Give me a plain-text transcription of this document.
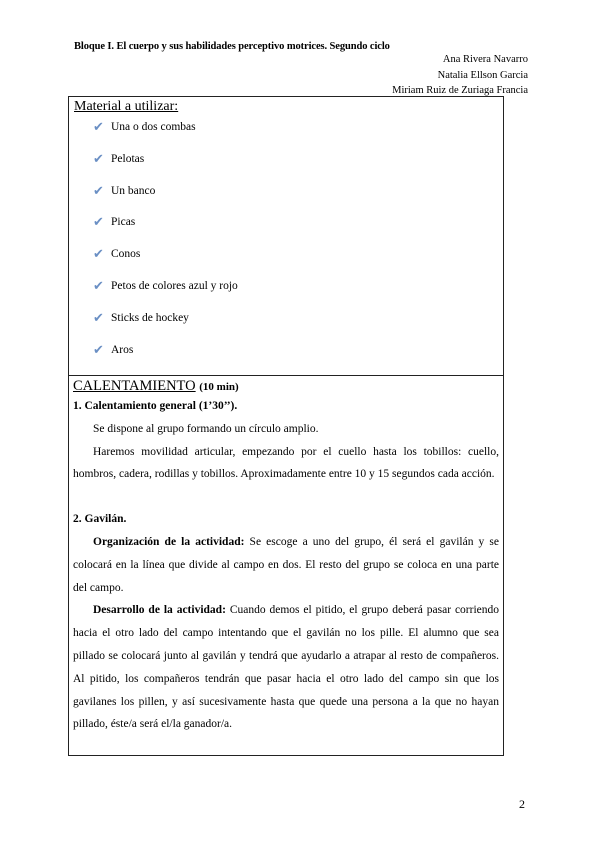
Bloque I. El cuerpo y sus habilidades perceptivo motrices. Segundo ciclo
Ana Rivera Navarro
Natalia Ellson Garcia
Miriam Ruiz de Zuriaga Francia
Material a utilizar:
✔ Una o dos combas
✔ Pelotas
✔ Un banco
✔ Picas
✔ Conos
✔ Petos de colores azul y rojo
✔ Sticks de hockey
✔ Aros
CALENTAMIENTO (10 min)

1. Calentamiento general (1’30’’).

Se dispone al grupo formando un círculo amplio.

Haremos movilidad articular, empezando por el cuello hasta los tobillos: cuello, hombros, cadera, rodillas y tobillos. Aproximadamente entre 10 y 15 segundos cada acción.

2. Gavilán.

Organización de la actividad: Se escoge a uno del grupo, él será el gavilán y se colocará en la línea que divide al campo en dos. El resto del grupo se coloca en una parte del campo.

Desarrollo de la actividad: Cuando demos el pitido, el grupo deberá pasar corriendo hacia el otro lado del campo intentando que el gavilán no los pille. El alumno que sea pillado se colocará junto al gavilán y tendrá que ayudarlo a atrapar al resto de compañeros. Al pitido, los compañeros tendrán que pasar hacia el otro lado del campo sin que los gavilanes los pillen, y así sucesivamente hasta que quede una persona a la que no hayan pillado, éste/a será el/la ganador/a.

2
